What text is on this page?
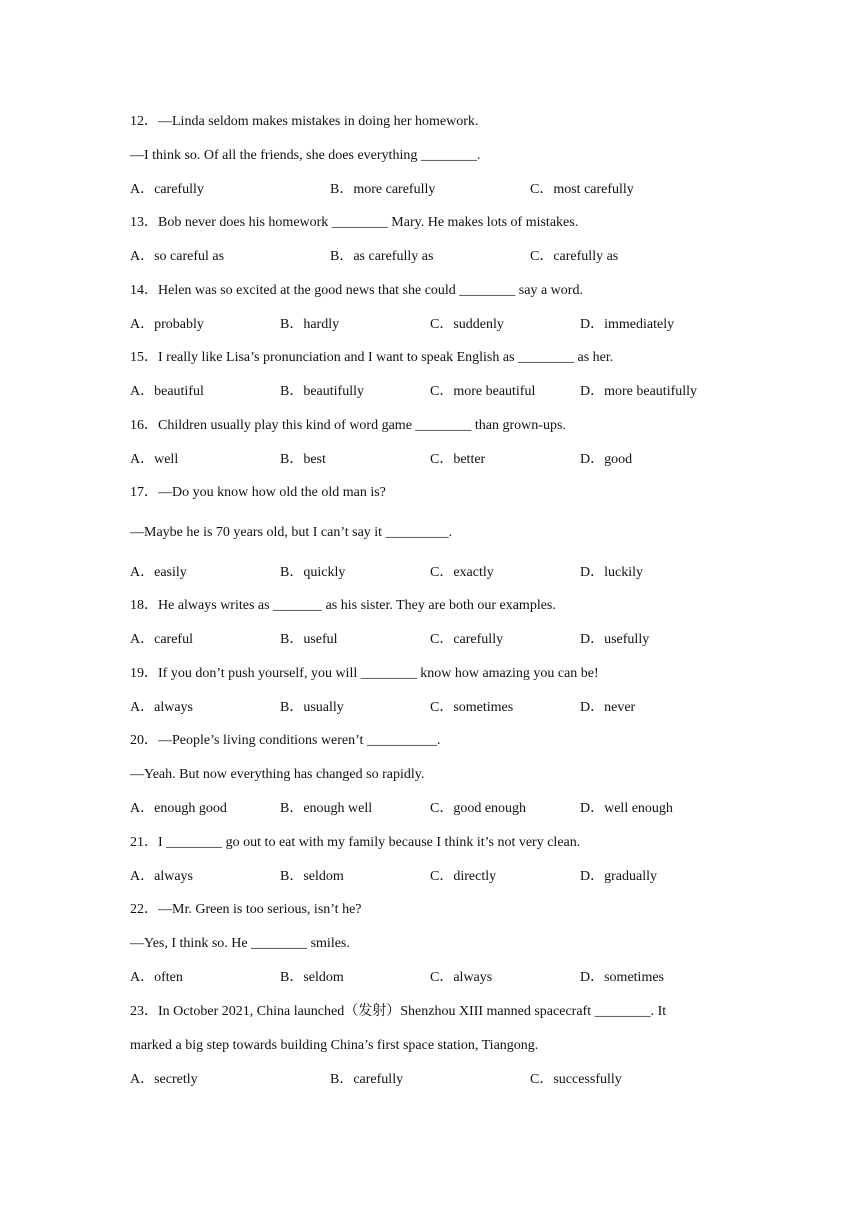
12．—Linda seldom makes mistakes in doing her homework.
—I think so. Of all the friends, she does everything ________.
A．carefully	B．more carefully	C．most carefully
13．Bob never does his homework ________ Mary. He makes lots of mistakes.
A．so careful as	B．as carefully as	C．carefully as
14．Helen was so excited at the good news that she could ________ say a word.
A．probably	B．hardly	C．suddenly	D．immediately
15．I really like Lisa’s pronunciation and I want to speak English as ________ as her.
A．beautiful	B．beautifully	C．more beautiful	D．more beautifully
16．Children usually play this kind of word game ________ than grown-ups.
A．well	B．best	C．better	D．good
17．—Do you know how old the old man is?
—Maybe he is 70 years old, but I can’t say it _________.
A．easily	B．quickly	C．exactly	D．luckily
18．He always writes as _______ as his sister. They are both our examples.
A．careful	B．useful	C．carefully	D．usefully
19．If you don’t push yourself, you will ________ know how amazing you can be!
A．always	B．usually	C．sometimes	D．never
20．—People’s living conditions weren’t __________.
—Yeah. But now everything has changed so rapidly.
A．enough good	B．enough well	C．good enough	D．well enough
21．I ________ go out to eat with my family because I think it’s not very clean.
A．always	B．seldom	C．directly	D．gradually
22．—Mr. Green is too serious, isn’t he?
—Yes, I think so. He ________ smiles.
A．often	B．seldom	C．always	D．sometimes
23．In October 2021, China launched（发射）Shenzhou XIII manned spacecraft ________. It
marked a big step towards building China’s first space station, Tiangong.
A．secretly	B．carefully	C．successfully
